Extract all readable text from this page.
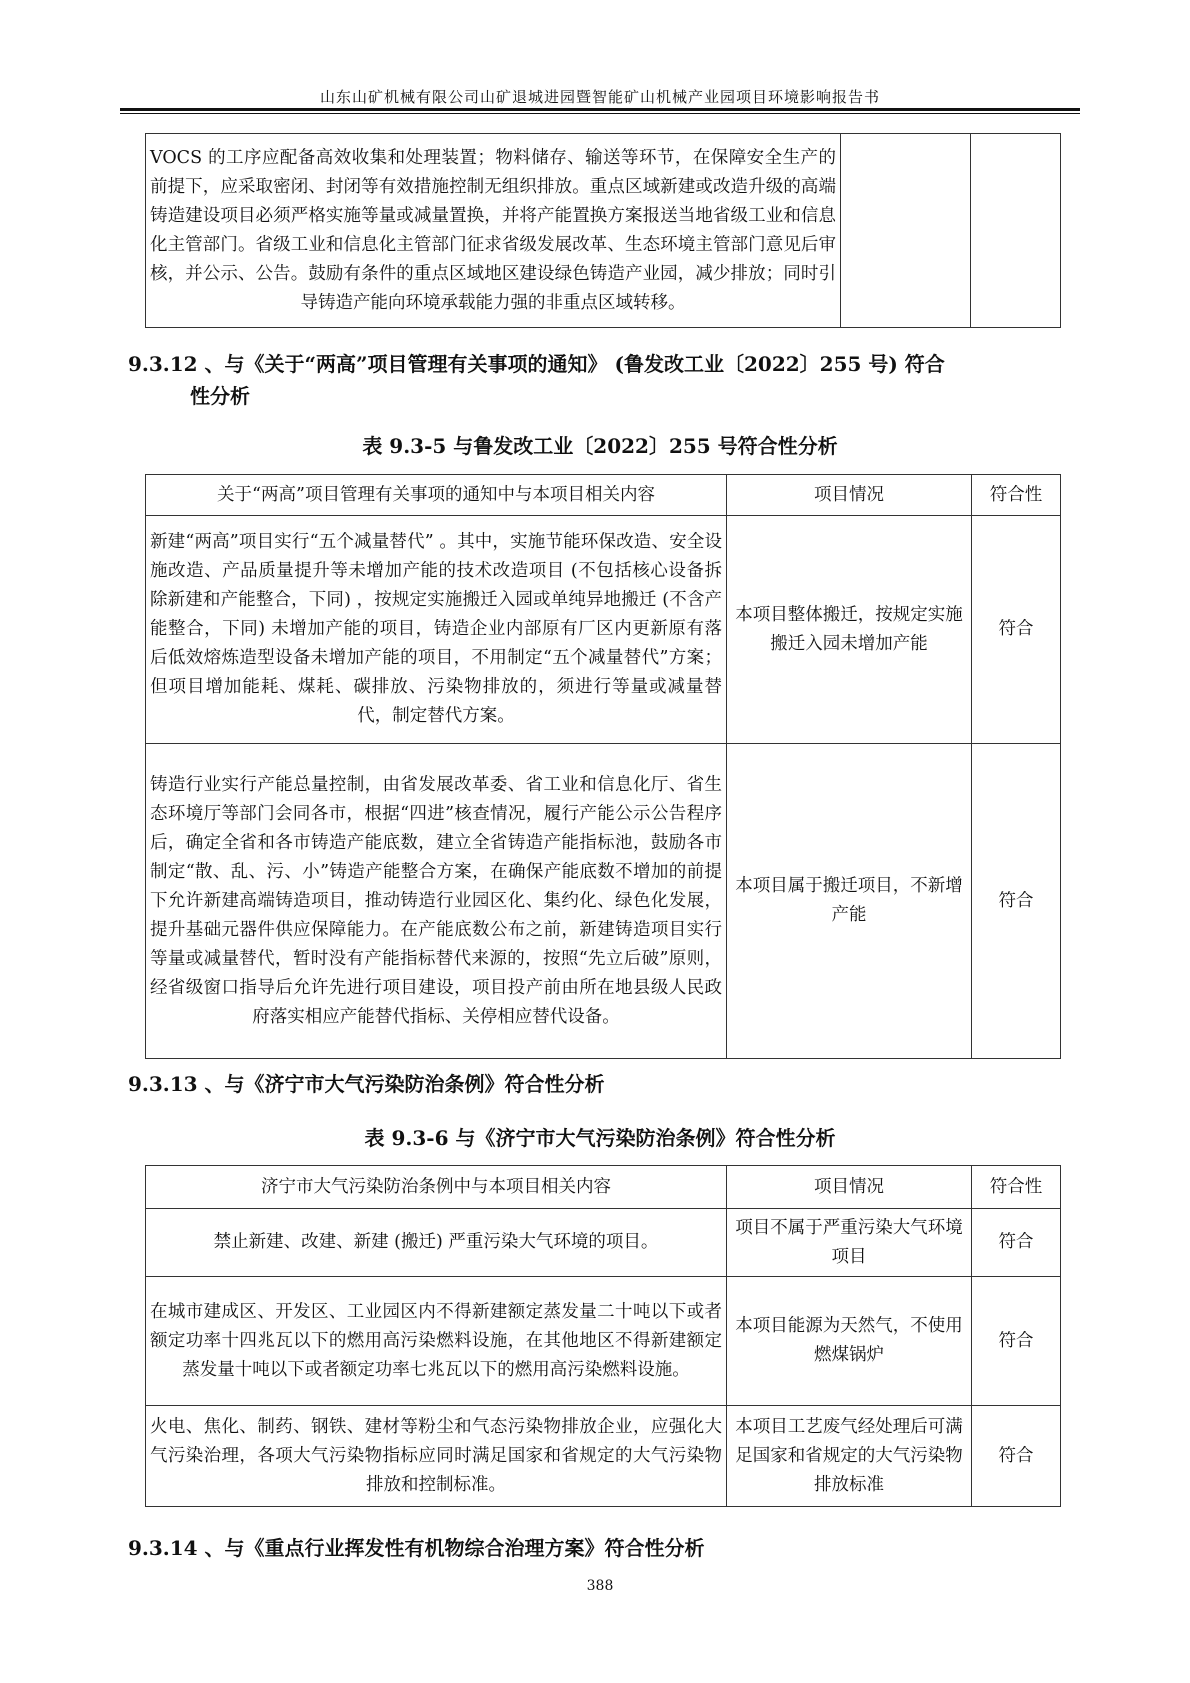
山东山矿机械有限公司山矿退城进园暨智能矿山机械产业园项目环境影响报告书
VOCS 的工序应配备高效收集和处理装置；物料储存、输送等环节，在保障安全生产的前提下，应采取密闭、封闭等有效措施控制无组织排放。重点区域新建或改造升级的高端铸造建设项目必须严格实施等量或减量置换，并将产能置换方案报送当地省级工业和信息化主管部门。省级工业和信息化主管部门征求省级发展改革、生态环境主管部门意见后审核，并公示、公告。鼓励有条件的重点区域地区建设绿色铸造产业园，减少排放；同时引导铸造产能向环境承载能力强的非重点区域转移。		
9.3.12 、与《关于“两高”项目管理有关事项的通知》 (鲁发改工业〔2022〕255 号) 符合
性分析
表 9.3-5 与鲁发改工业〔2022〕255 号符合性分析
关于“两高”项目管理有关事项的通知中与本项目相关内容	项目情况	符合性
新建“两高”项目实行“五个减量替代” 。其中，实施节能环保改造、安全设施改造、产品质量提升等未增加产能的技术改造项目 (不包括核心设备拆除新建和产能整合，下同) ，按规定实施搬迁入园或单纯异地搬迁 (不含产能整合，下同) 未增加产能的项目，铸造企业内部原有厂区内更新原有落后低效熔炼造型设备未增加产能的项目，不用制定“五个减量替代”方案；但项目增加能耗、煤耗、碳排放、污染物排放的，须进行等量或减量替代，制定替代方案。	本项目整体搬迁，按规定实施搬迁入园未增加产能	符合
铸造行业实行产能总量控制，由省发展改革委、省工业和信息化厅、省生态环境厅等部门会同各市，根据“四进”核查情况，履行产能公示公告程序后，确定全省和各市铸造产能底数，建立全省铸造产能指标池，鼓励各市制定“散、乱、污、小”铸造产能整合方案，在确保产能底数不增加的前提下允许新建高端铸造项目，推动铸造行业园区化、集约化、绿色化发展，提升基础元器件供应保障能力。在产能底数公布之前，新建铸造项目实行等量或减量替代，暂时没有产能指标替代来源的，按照“先立后破”原则，经省级窗口指导后允许先进行项目建设，项目投产前由所在地县级人民政府落实相应产能替代指标、关停相应替代设备。	本项目属于搬迁项目，不新增产能	符合
9.3.13 、与《济宁市大气污染防治条例》符合性分析
表 9.3-6 与《济宁市大气污染防治条例》符合性分析
济宁市大气污染防治条例中与本项目相关内容	项目情况	符合性
禁止新建、改建、新建 (搬迁) 严重污染大气环境的项目。	项目不属于严重污染大气环境项目	符合
在城市建成区、开发区、工业园区内不得新建额定蒸发量二十吨以下或者额定功率十四兆瓦以下的燃用高污染燃料设施，在其他地区不得新建额定蒸发量十吨以下或者额定功率七兆瓦以下的燃用高污染燃料设施。	本项目能源为天然气，不使用燃煤锅炉	符合
火电、焦化、制药、钢铁、建材等粉尘和气态污染物排放企业，应强化大气污染治理，各项大气污染物指标应同时满足国家和省规定的大气污染物排放和控制标准。	本项目工艺废气经处理后可满足国家和省规定的大气污染物排放标准	符合
9.3.14 、与《重点行业挥发性有机物综合治理方案》符合性分析
388
